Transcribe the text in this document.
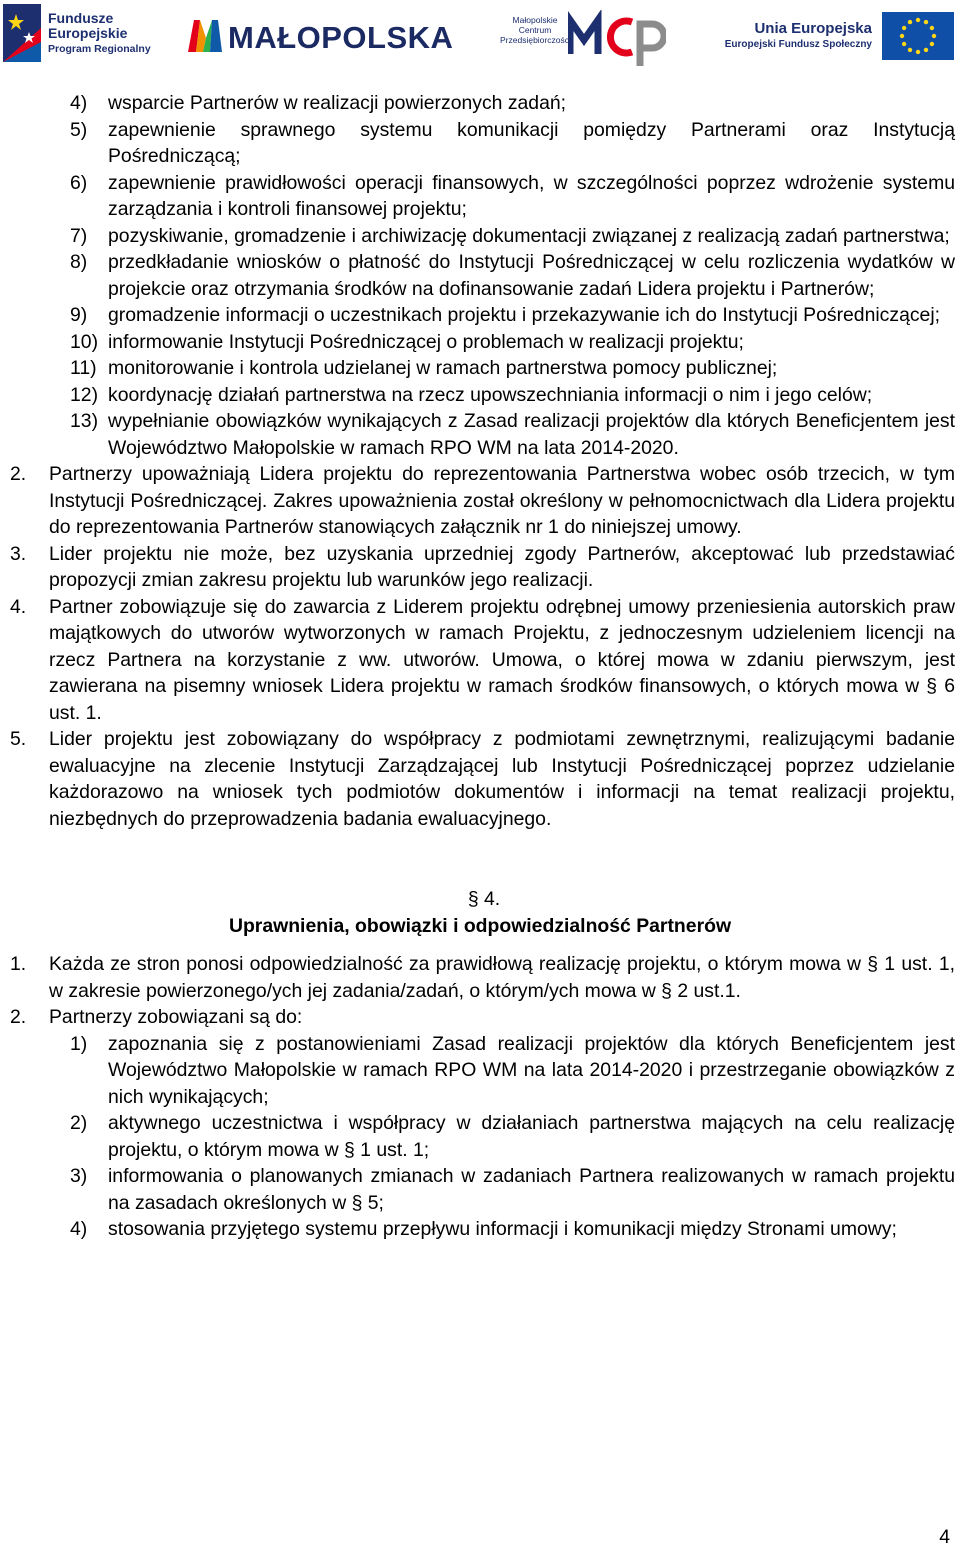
Fundusze
Europejskie
Program Regionalny MAŁOPOLSKA	Małopolskie
Centrum
Przedsiębiorczości
Unia Europejska
Europejski Fundusz Społeczny
4) wsparcie Partnerów w realizacji powierzonych zadań;
5) zapewnienie sprawnego systemu komunikacji pomiędzy Partnerami oraz Instytucją Pośredniczącą;
6) zapewnienie prawidłowości operacji finansowych, w szczególności poprzez wdrożenie systemu zarządzania i kontroli finansowej projektu;
7) pozyskiwanie, gromadzenie i archiwizację dokumentacji związanej z realizacją zadań partnerstwa;
8) przedkładanie wniosków o płatność do Instytucji Pośredniczącej w celu rozliczenia wydatków w projekcie oraz otrzymania środków na dofinansowanie zadań Lidera projektu i Partnerów;
9) gromadzenie informacji o uczestnikach projektu i przekazywanie ich do Instytucji Pośredniczącej;
10) informowanie Instytucji Pośredniczącej o problemach w realizacji projektu;
11) monitorowanie i kontrola udzielanej w ramach partnerstwa pomocy publicznej;
12) koordynację działań partnerstwa na rzecz upowszechniania informacji o nim i jego celów;
13) wypełnianie obowiązków wynikających z Zasad realizacji projektów dla których Beneficjentem jest Województwo Małopolskie w ramach RPO WM na lata 2014-2020.
2. Partnerzy upoważniają Lidera projektu do reprezentowania Partnerstwa wobec osób trzecich, w tym Instytucji Pośredniczącej. Zakres upoważnienia został określony w pełnomocnictwach dla Lidera projektu do reprezentowania Partnerów stanowiących załącznik nr 1 do niniejszej umowy.
3. Lider projektu nie może, bez uzyskania uprzedniej zgody Partnerów, akceptować lub przedstawiać propozycji zmian zakresu projektu lub warunków jego realizacji.
4. Partner zobowiązuje się do zawarcia z Liderem projektu odrębnej umowy przeniesienia autorskich praw majątkowych do utworów wytworzonych w ramach Projektu, z jednoczesnym udzieleniem licencji na rzecz Partnera na korzystanie z ww. utworów. Umowa, o której mowa w zdaniu pierwszym, jest zawierana na pisemny wniosek Lidera projektu w ramach środków finansowych, o których mowa w § 6 ust. 1.
5. Lider projektu jest zobowiązany do współpracy z podmiotami zewnętrznymi, realizującymi badanie ewaluacyjne na zlecenie Instytucji Zarządzającej lub Instytucji Pośredniczącej poprzez udzielanie każdorazowo na wniosek tych podmiotów dokumentów i informacji na temat realizacji projektu, niezbędnych do przeprowadzenia badania ewaluacyjnego.
§ 4.
Uprawnienia, obowiązki i odpowiedzialność Partnerów
1. Każda ze stron ponosi odpowiedzialność za prawidłową realizację projektu, o którym mowa w § 1 ust. 1, w zakresie powierzonego/ych jej zadania/zadań, o którym/ych mowa w § 2 ust.1.
2. Partnerzy zobowiązani są do:
1) zapoznania się z postanowieniami Zasad realizacji projektów dla których Beneficjentem jest Województwo Małopolskie w ramach RPO WM na lata 2014-2020 i przestrzeganie obowiązków z nich wynikających;
2) aktywnego uczestnictwa i współpracy w działaniach partnerstwa mających na celu realizację projektu, o którym mowa w § 1 ust. 1;
3) informowania o planowanych zmianach w zadaniach Partnera realizowanych w ramach projektu na zasadach określonych w § 5;
4) stosowania przyjętego systemu przepływu informacji i komunikacji między Stronami umowy;
4
